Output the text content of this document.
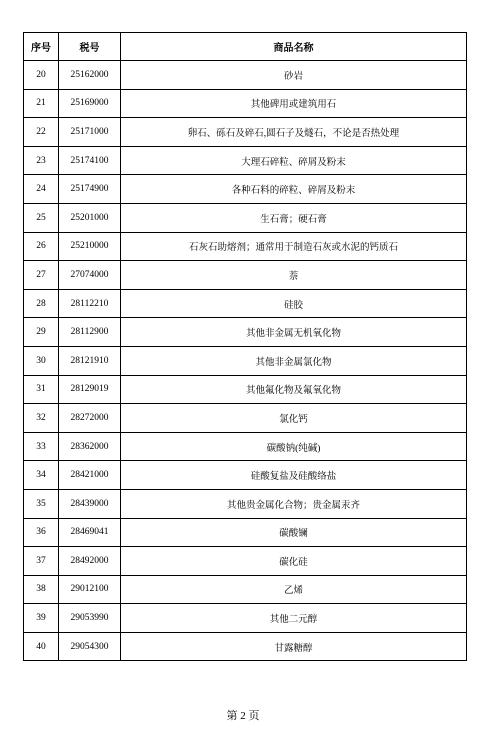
序号	税号	商品名称
20	25162000	砂岩
21	25169000	其他碑用或建筑用石
22	25171000	卵石、砾石及碎石,圆石子及燧石，不论是否热处理
23	25174100	大理石碎粒、碎屑及粉末
24	25174900	各种石料的碎粒、碎屑及粉末
25	25201000	生石膏；硬石膏
26	25210000	石灰石助熔剂；通常用于制造石灰或水泥的钙质石
27	27074000	萘
28	28112210	硅胶
29	28112900	其他非金属无机氧化物
30	28121910	其他非金属氯化物
31	28129019	其他氟化物及氟氧化物
32	28272000	氯化钙
33	28362000	碳酸钠(纯碱)
34	28421000	硅酸复盐及硅酸络盐
35	28439000	其他贵金属化合物；贵金属汞齐
36	28469041	碳酸镧
37	28492000	碳化硅
38	29012100	乙烯
39	29053990	其他二元醇
40	29054300	甘露糖醇
第 2 页
